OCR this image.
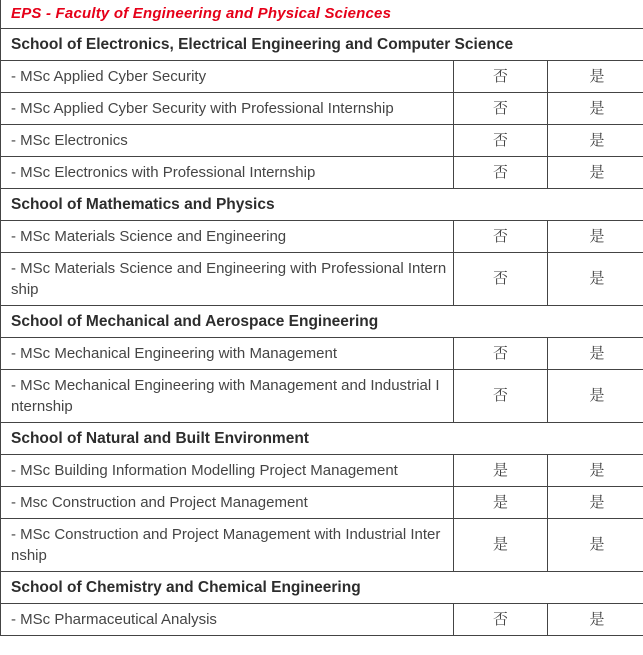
EPS - Faculty of Engineering and Physical Sciences		
School of Electronics, Electrical Engineering and Computer Science		
- MSc Applied Cyber Security	否	是
- MSc Applied Cyber Security with Professional Internship	否	是
- MSc Electronics	否	是
- MSc Electronics with Professional Internship	否	是
School of Mathematics and Physics		
- MSc Materials Science and Engineering	否	是
- MSc Materials Science and Engineering with Professional Internship	否	是
School of Mechanical and Aerospace Engineering		
- MSc Mechanical Engineering with Management	否	是
- MSc Mechanical Engineering with Management and Industrial Internship	否	是
School of Natural and Built Environment		
- MSc Building Information Modelling Project Management	是	是
- Msc Construction and Project Management	是	是
- MSc Construction and Project Management with Industrial Internship	是	是
School of Chemistry and Chemical Engineering		
- MSc Pharmaceutical Analysis	否	是
